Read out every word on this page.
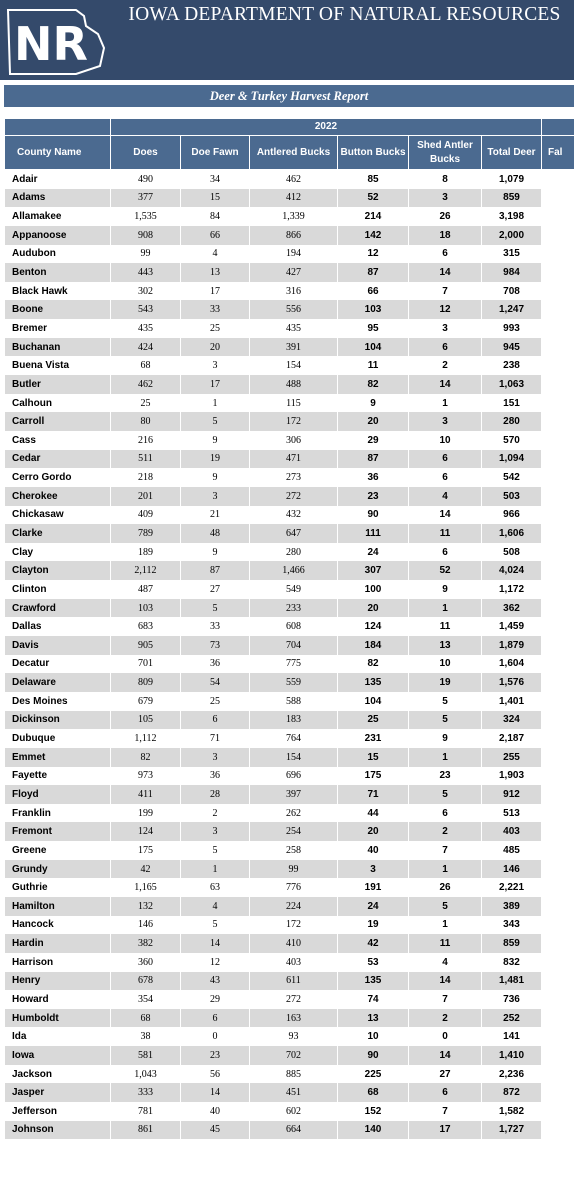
NR
IOWA DEPARTMENT OF NATURAL RESOURCES
Deer & Turkey Harvest Report
	2022						
County Name	Does	Doe Fawn	Antlered Bucks	Button Bucks	Shed Antler Bucks	Total Deer	Fal
Adair	490	34	462	85	8	1,079	
Adams	377	15	412	52	3	859	
Allamakee	1,535	84	1,339	214	26	3,198	
Appanoose	908	66	866	142	18	2,000	
Audubon	99	4	194	12	6	315	
Benton	443	13	427	87	14	984	
Black Hawk	302	17	316	66	7	708	
Boone	543	33	556	103	12	1,247	
Bremer	435	25	435	95	3	993	
Buchanan	424	20	391	104	6	945	
Buena Vista	68	3	154	11	2	238	
Butler	462	17	488	82	14	1,063	
Calhoun	25	1	115	9	1	151	
Carroll	80	5	172	20	3	280	
Cass	216	9	306	29	10	570	
Cedar	511	19	471	87	6	1,094	
Cerro Gordo	218	9	273	36	6	542	
Cherokee	201	3	272	23	4	503	
Chickasaw	409	21	432	90	14	966	
Clarke	789	48	647	111	11	1,606	
Clay	189	9	280	24	6	508	
Clayton	2,112	87	1,466	307	52	4,024	
Clinton	487	27	549	100	9	1,172	
Crawford	103	5	233	20	1	362	
Dallas	683	33	608	124	11	1,459	
Davis	905	73	704	184	13	1,879	
Decatur	701	36	775	82	10	1,604	
Delaware	809	54	559	135	19	1,576	
Des Moines	679	25	588	104	5	1,401	
Dickinson	105	6	183	25	5	324	
Dubuque	1,112	71	764	231	9	2,187	
Emmet	82	3	154	15	1	255	
Fayette	973	36	696	175	23	1,903	
Floyd	411	28	397	71	5	912	
Franklin	199	2	262	44	6	513	
Fremont	124	3	254	20	2	403	
Greene	175	5	258	40	7	485	
Grundy	42	1	99	3	1	146	
Guthrie	1,165	63	776	191	26	2,221	
Hamilton	132	4	224	24	5	389	
Hancock	146	5	172	19	1	343	
Hardin	382	14	410	42	11	859	
Harrison	360	12	403	53	4	832	
Henry	678	43	611	135	14	1,481	
Howard	354	29	272	74	7	736	
Humboldt	68	6	163	13	2	252	
Ida	38	0	93	10	0	141	
Iowa	581	23	702	90	14	1,410	
Jackson	1,043	56	885	225	27	2,236	
Jasper	333	14	451	68	6	872	
Jefferson	781	40	602	152	7	1,582	
Johnson	861	45	664	140	17	1,727	
